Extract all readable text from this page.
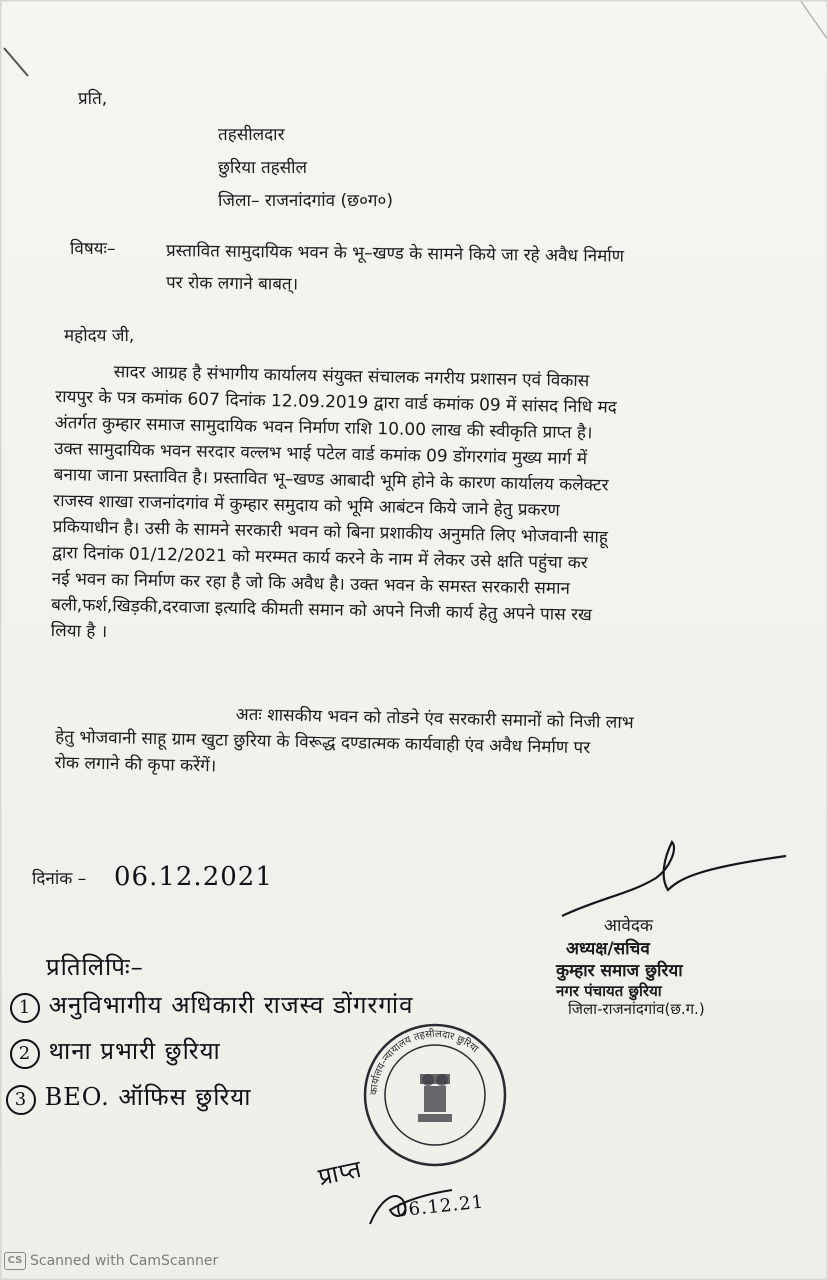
प्रति,
तहसीलदार
छुरिया तहसील
जिला– राजनांदगांव (छ०ग०)
विषयः–	प्रस्तावित सामुदायिक भवन के भू–खण्ड के सामने किये जा रहे अवैध निर्माण
पर रोक लगाने बाबत्।
महोदय जी,
सादर आग्रह है संभागीय कार्यालय संयुक्त संचालक नगरीय प्रशासन एवं विकास
रायपुर के पत्र कमांक 607 दिनांक 12.09.2019 द्वारा वार्ड कमांक 09 में सांसद निधि मद
अंतर्गत कुम्हार समाज सामुदायिक भवन निर्माण राशि 10.00 लाख की स्वीकृति प्राप्त है।
उक्त सामुदायिक भवन सरदार वल्लभ भाई पटेल वार्ड कमांक 09 डोंगरगांव मुख्य मार्ग में
बनाया जाना प्रस्तावित है। प्रस्तावित भू–खण्ड आबादी भूमि होने के कारण कार्यालय कलेक्टर
राजस्व शाखा राजनांदगांव में कुम्हार समुदाय को भूमि आबंटन किये जाने हेतु प्रकरण
प्रकियाधीन है। उसी के सामने सरकारी भवन को बिना प्रशाकीय अनुमति लिए भोजवानी साहू
द्वारा दिनांक 01/12/2021 को मरम्मत कार्य करने के नाम में लेकर उसे क्षति पहुंचा कर
नई भवन का निर्माण कर रहा है जो कि अवैध है। उक्त भवन के समस्त सरकारी समान
बली,फर्श,खिड़की,दरवाजा इत्यादि कीमती समान को अपने निजी कार्य हेतु अपने पास रख
लिया है ।
अतः शासकीय भवन को तोडने एंव सरकारी समानों को निजी लाभ
हेतु भोजवानी साहू ग्राम खुटा छुरिया के विरूद्ध दण्डात्मक कार्यवाही एंव अवैध निर्माण पर
रोक लगाने की कृपा करेंगें।
दिनांक – 06.12.2021
आवेदक
अध्यक्ष/सचिव
कुम्हार समाज छुरिया
नगर पंचायत छुरिया
जिला-राजनांदगांव(छ.ग.)
प्रतिलिपिः–
1 अनुविभागीय अधिकारी राजस्व डोंगरगांव
2 थाना प्रभारी छुरिया
3 BEO. ऑफिस छुरिया	कार्यालय-न्यायालय तहसीलदार छुरिया
प्राप्त
06.12.21
CS Scanned with CamScanner
